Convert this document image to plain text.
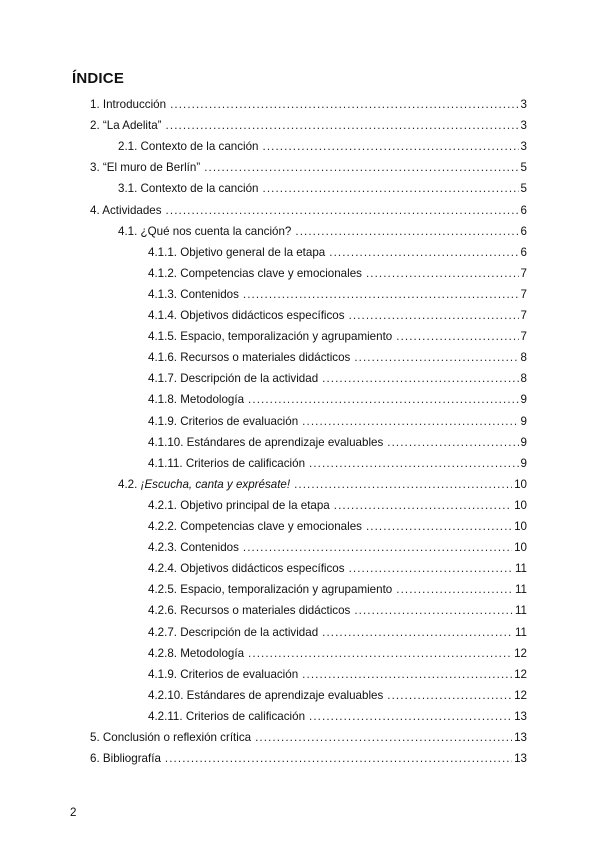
ÍNDICE
1. Introducción .....	3
2. “La Adelita” .....	3
2.1. Contexto de la canción .....	3
3. “El muro de Berlín” .....	5
3.1. Contexto de la canción .....	5
4. Actividades .....	6
4.1. ¿Qué nos cuenta la canción? .....	6
4.1.1. Objetivo general de la etapa .....	6
4.1.2. Competencias clave y emocionales .....	7
4.1.3. Contenidos .....	7
4.1.4. Objetivos didácticos específicos .....	7
4.1.5. Espacio, temporalización y agrupamiento .....	7
4.1.6. Recursos o materiales didácticos .....	8
4.1.7. Descripción de la actividad .....	8
4.1.8. Metodología .....	9
4.1.9. Criterios de evaluación .....	9
4.1.10. Estándares de aprendizaje evaluables .....	9
4.1.11. Criterios de calificación .....	9
4.2. ¡Escucha, canta y exprésate! .....	10
4.2.1. Objetivo principal de la etapa .....	10
4.2.2. Competencias clave y emocionales .....	10
4.2.3. Contenidos .....	10
4.2.4. Objetivos didácticos específicos .....	11
4.2.5. Espacio, temporalización y agrupamiento .....	11
4.2.6. Recursos o materiales didácticos .....	11
4.2.7. Descripción de la actividad .....	11
4.2.8. Metodología .....	12
4.1.9. Criterios de evaluación .....	12
4.2.10. Estándares de aprendizaje evaluables .....	12
4.2.11. Criterios de calificación .....	13
5. Conclusión o reflexión crítica .....	13
6. Bibliografía .....	13
2
